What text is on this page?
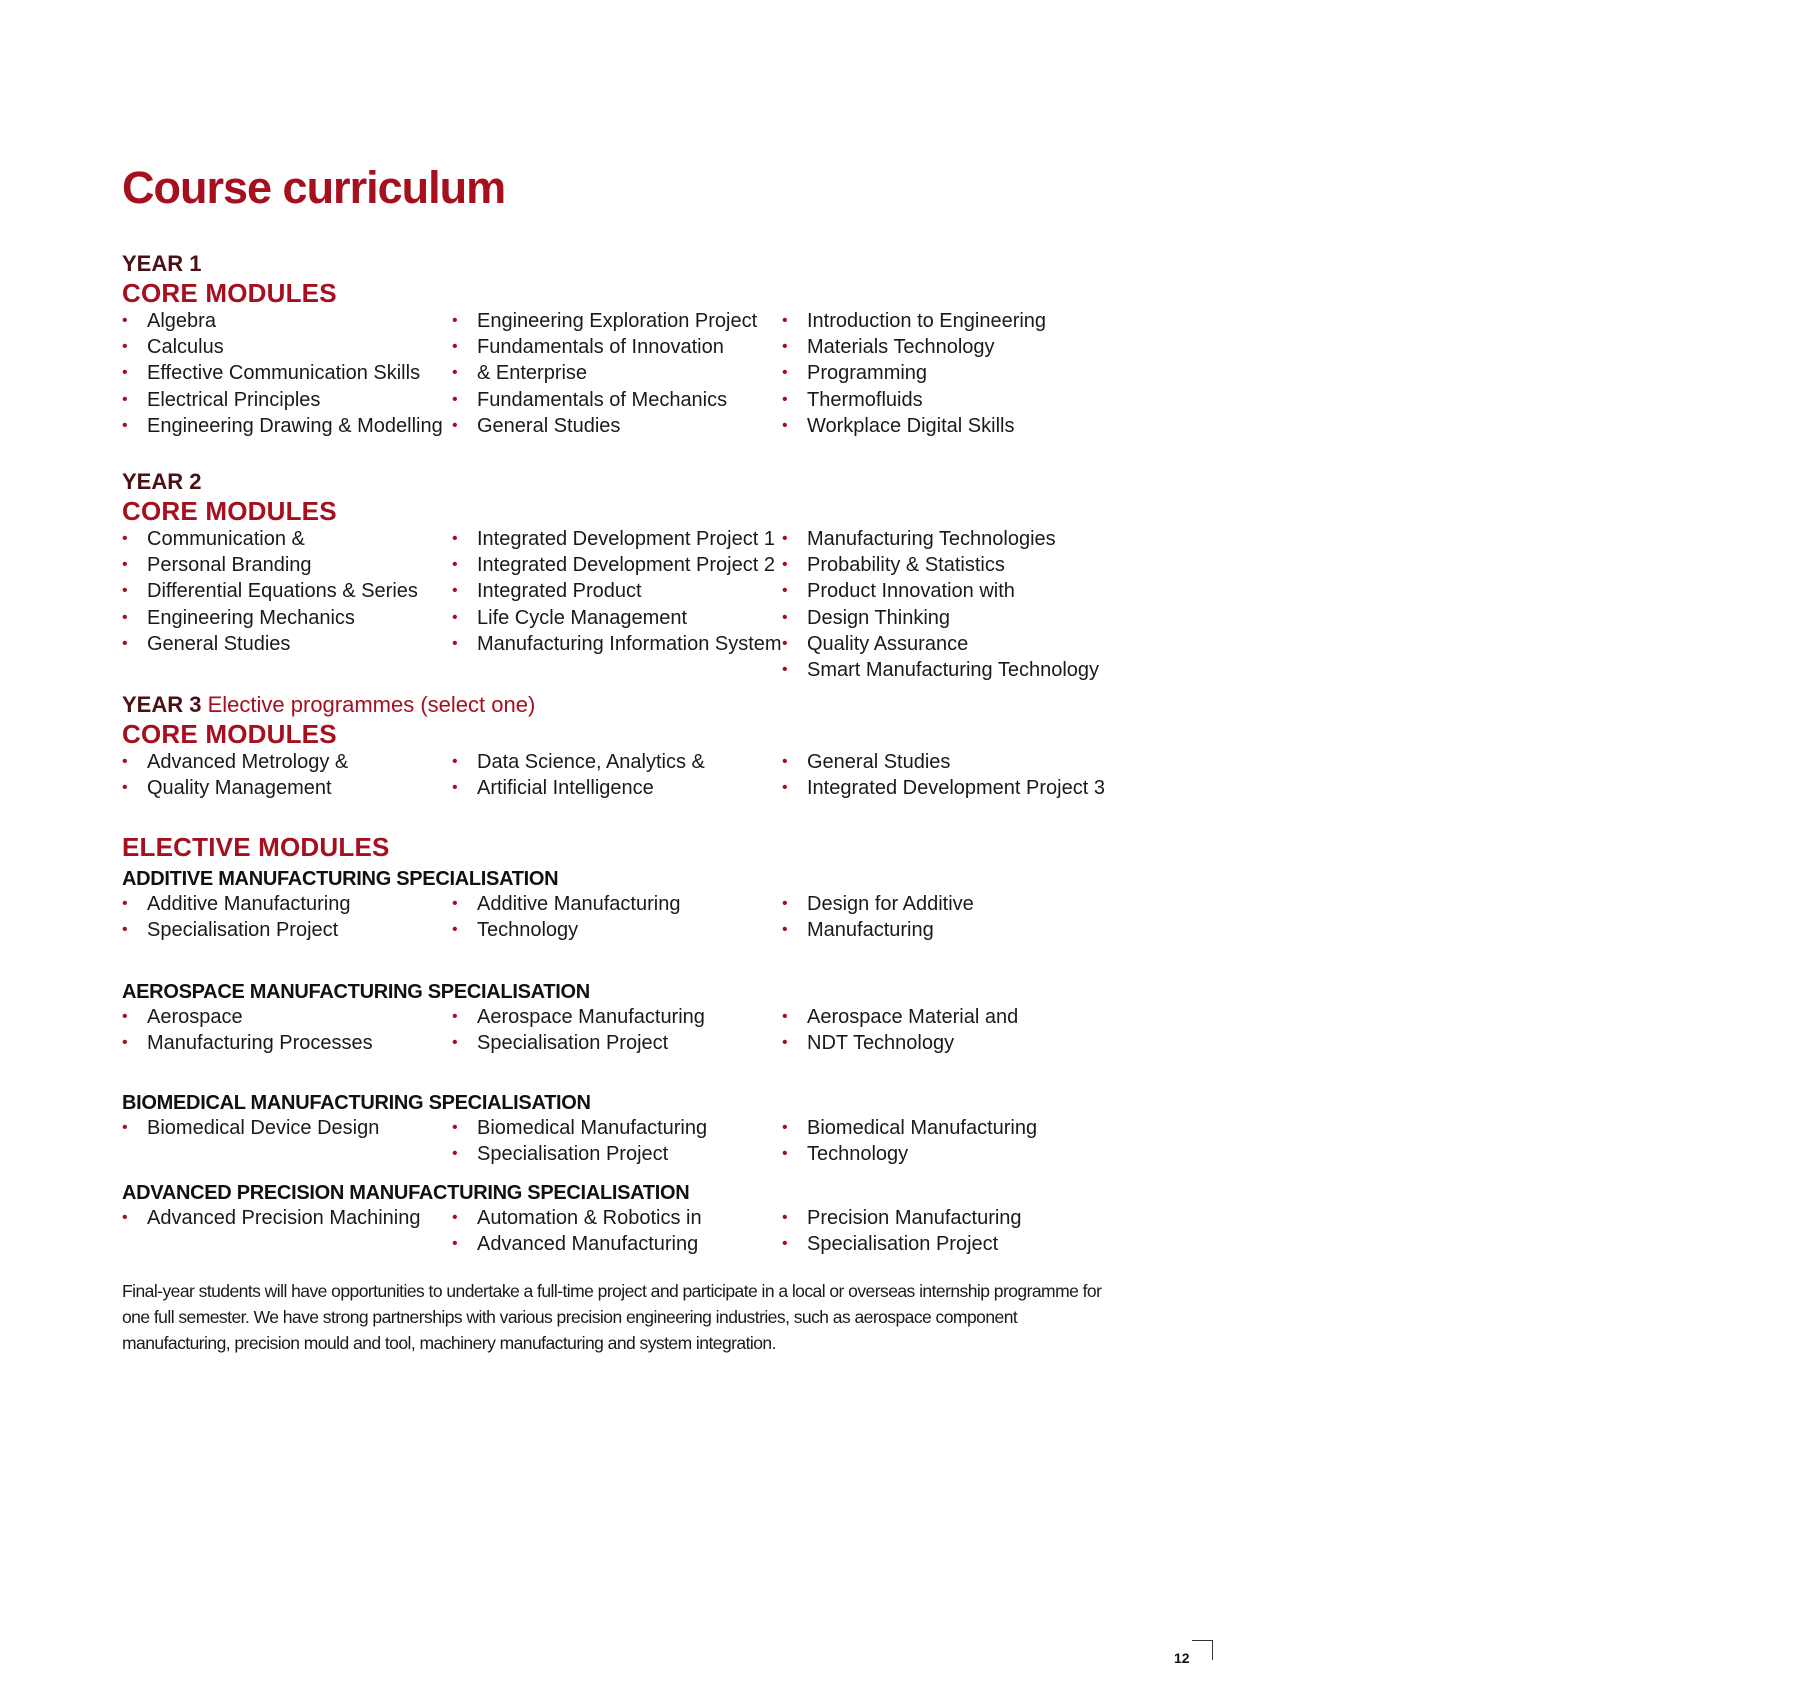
Course curriculum
YEAR 1
CORE MODULES
• Algebra
• Calculus
• Effective Communication Skills
• Electrical Principles
• Engineering Drawing & Modelling
• Engineering Exploration Project
• Fundamentals of Innovation
• & Enterprise
• Fundamentals of Mechanics
• General Studies
• Introduction to Engineering
• Materials Technology
• Programming
• Thermofluids
• Workplace Digital Skills
YEAR 2
CORE MODULES
• Communication &
• Personal Branding
• Differential Equations & Series
• Engineering Mechanics
• General Studies
• Integrated Development Project 1
• Integrated Development Project 2
• Integrated Product
• Life Cycle Management
• Manufacturing Information System
• Manufacturing Technologies
• Probability & Statistics
• Product Innovation with
• Design Thinking
• Quality Assurance
• Smart Manufacturing Technology
YEAR 3 Elective programmes (select one)
CORE MODULES
• Advanced Metrology &
• Quality Management
• Data Science, Analytics &
• Artificial Intelligence
• General Studies
• Integrated Development Project 3
ELECTIVE MODULES
ADDITIVE MANUFACTURING SPECIALISATION
• Additive Manufacturing
• Specialisation Project
• Additive Manufacturing
• Technology
• Design for Additive
• Manufacturing
AEROSPACE MANUFACTURING SPECIALISATION
• Aerospace
• Manufacturing Processes
• Aerospace Manufacturing
• Specialisation Project
• Aerospace Material and
• NDT Technology
BIOMEDICAL MANUFACTURING SPECIALISATION
• Biomedical Device Design	• Biomedical Manufacturing
• Specialisation Project
• Biomedical Manufacturing
• Technology
ADVANCED PRECISION MANUFACTURING SPECIALISATION
• Advanced Precision Machining	• Automation & Robotics in
• Advanced Manufacturing
• Precision Manufacturing
• Specialisation Project

Final-year students will have opportunities to undertake a full-time project and participate in a local or overseas internship programme for one full semester. We have strong partnerships with various precision engineering industries, such as aerospace component manufacturing, precision mould and tool, machinery manufacturing and system integration.

12
